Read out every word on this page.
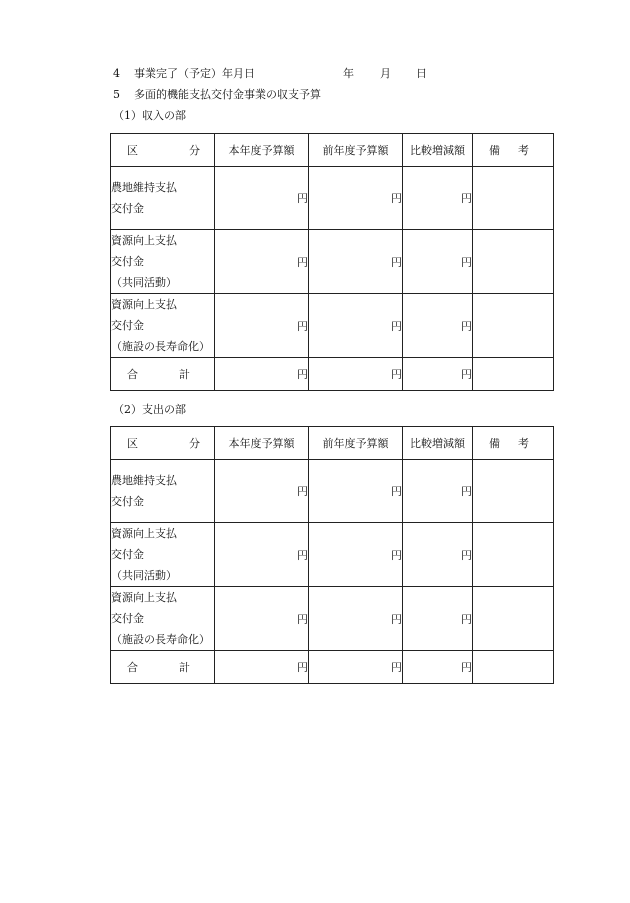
4 事業完了（予定）年月日	年 月 日
5 多面的機能支払交付金事業の収支予算
（1）収入の部
区 分	本年度予算額	前年度予算額	比較増減額	備 考

農地維持支払
交付金	円	円	円	

資源向上支払
交付金
（共同活動）	円	円	円	

資源向上支払
交付金
（施設の長寿命化）	円	円	円	

合 計	円	円	円	
（2）支出の部
区 分	本年度予算額	前年度予算額	比較増減額	備 考

農地維持支払
交付金	円	円	円	

資源向上支払
交付金
（共同活動）	円	円	円	

資源向上支払
交付金
（施設の長寿命化）	円	円	円	

合 計	円	円	円	
